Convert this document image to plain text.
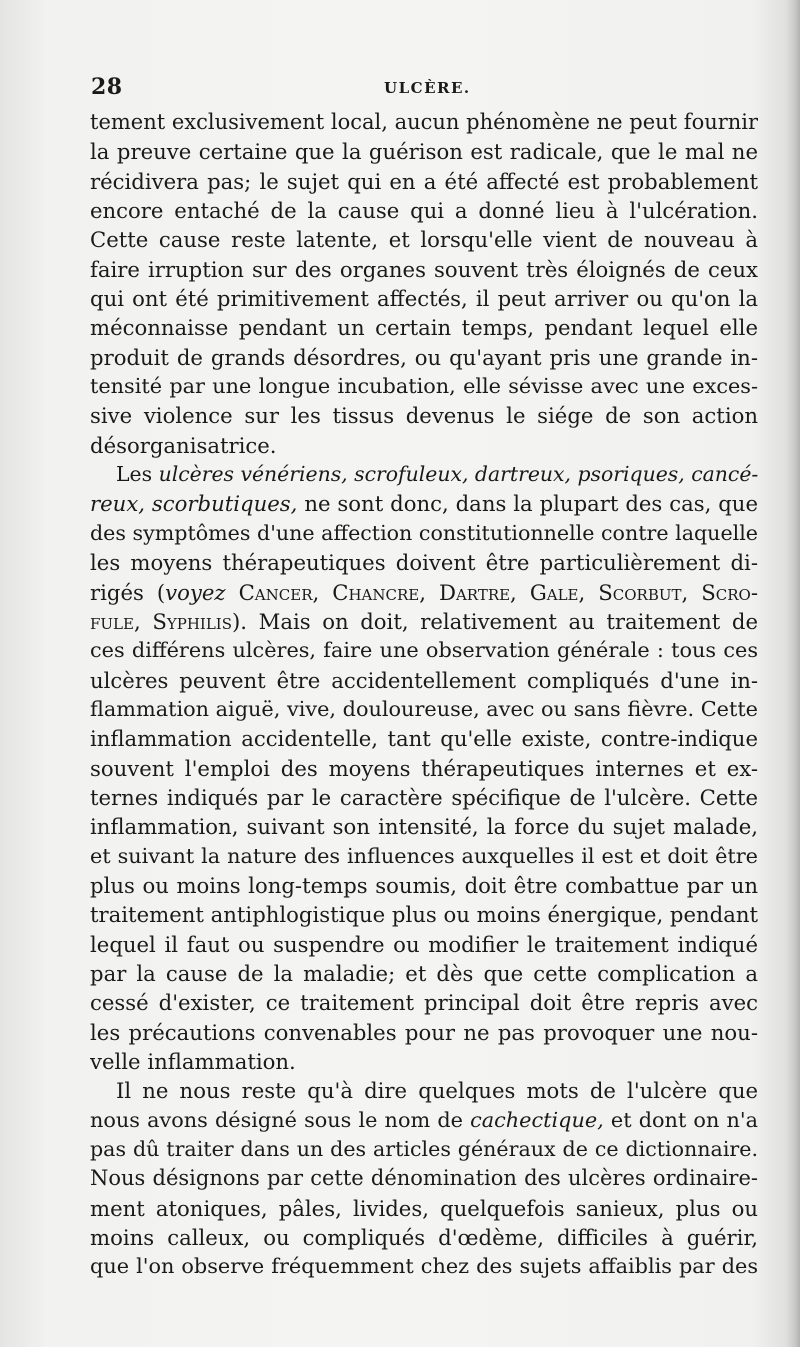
28	ULCÈRE.
tement exclusivement local, aucun phénomène ne peut fournir
la preuve certaine que la guérison est radicale, que le mal ne
récidivera pas; le sujet qui en a été affecté est probablement
encore entaché de la cause qui a donné lieu à l'ulcération.
Cette cause reste latente, et lorsqu'elle vient de nouveau à
faire irruption sur des organes souvent très éloignés de ceux
qui ont été primitivement affectés, il peut arriver ou qu'on la
méconnaisse pendant un certain temps, pendant lequel elle
produit de grands désordres, ou qu'ayant pris une grande in-
tensité par une longue incubation, elle sévisse avec une exces-
sive violence sur les tissus devenus le siége de son action
désorganisatrice.
Les ulcères vénériens, scrofuleux, dartreux, psoriques, cancé-
reux, scorbutiques, ne sont donc, dans la plupart des cas, que
des symptômes d'une affection constitutionnelle contre laquelle
les moyens thérapeutiques doivent être particulièrement di-
rigés (voyez Cancer, Chancre, Dartre, Gale, Scorbut, Scro-
fule, Syphilis). Mais on doit, relativement au traitement de
ces différens ulcères, faire une observation générale : tous ces
ulcères peuvent être accidentellement compliqués d'une in-
flammation aiguë, vive, douloureuse, avec ou sans fièvre. Cette
inflammation accidentelle, tant qu'elle existe, contre-indique
souvent l'emploi des moyens thérapeutiques internes et ex-
ternes indiqués par le caractère spécifique de l'ulcère. Cette
inflammation, suivant son intensité, la force du sujet malade,
et suivant la nature des influences auxquelles il est et doit être
plus ou moins long-temps soumis, doit être combattue par un
traitement antiphlogistique plus ou moins énergique, pendant
lequel il faut ou suspendre ou modifier le traitement indiqué
par la cause de la maladie; et dès que cette complication a
cessé d'exister, ce traitement principal doit être repris avec
les précautions convenables pour ne pas provoquer une nou-
velle inflammation.
Il ne nous reste qu'à dire quelques mots de l'ulcère que
nous avons désigné sous le nom de cachectique, et dont on n'a
pas dû traiter dans un des articles généraux de ce dictionnaire.
Nous désignons par cette dénomination des ulcères ordinaire-
ment atoniques, pâles, livides, quelquefois sanieux, plus ou
moins calleux, ou compliqués d'œdème, difficiles à guérir,
que l'on observe fréquemment chez des sujets affaiblis par des
